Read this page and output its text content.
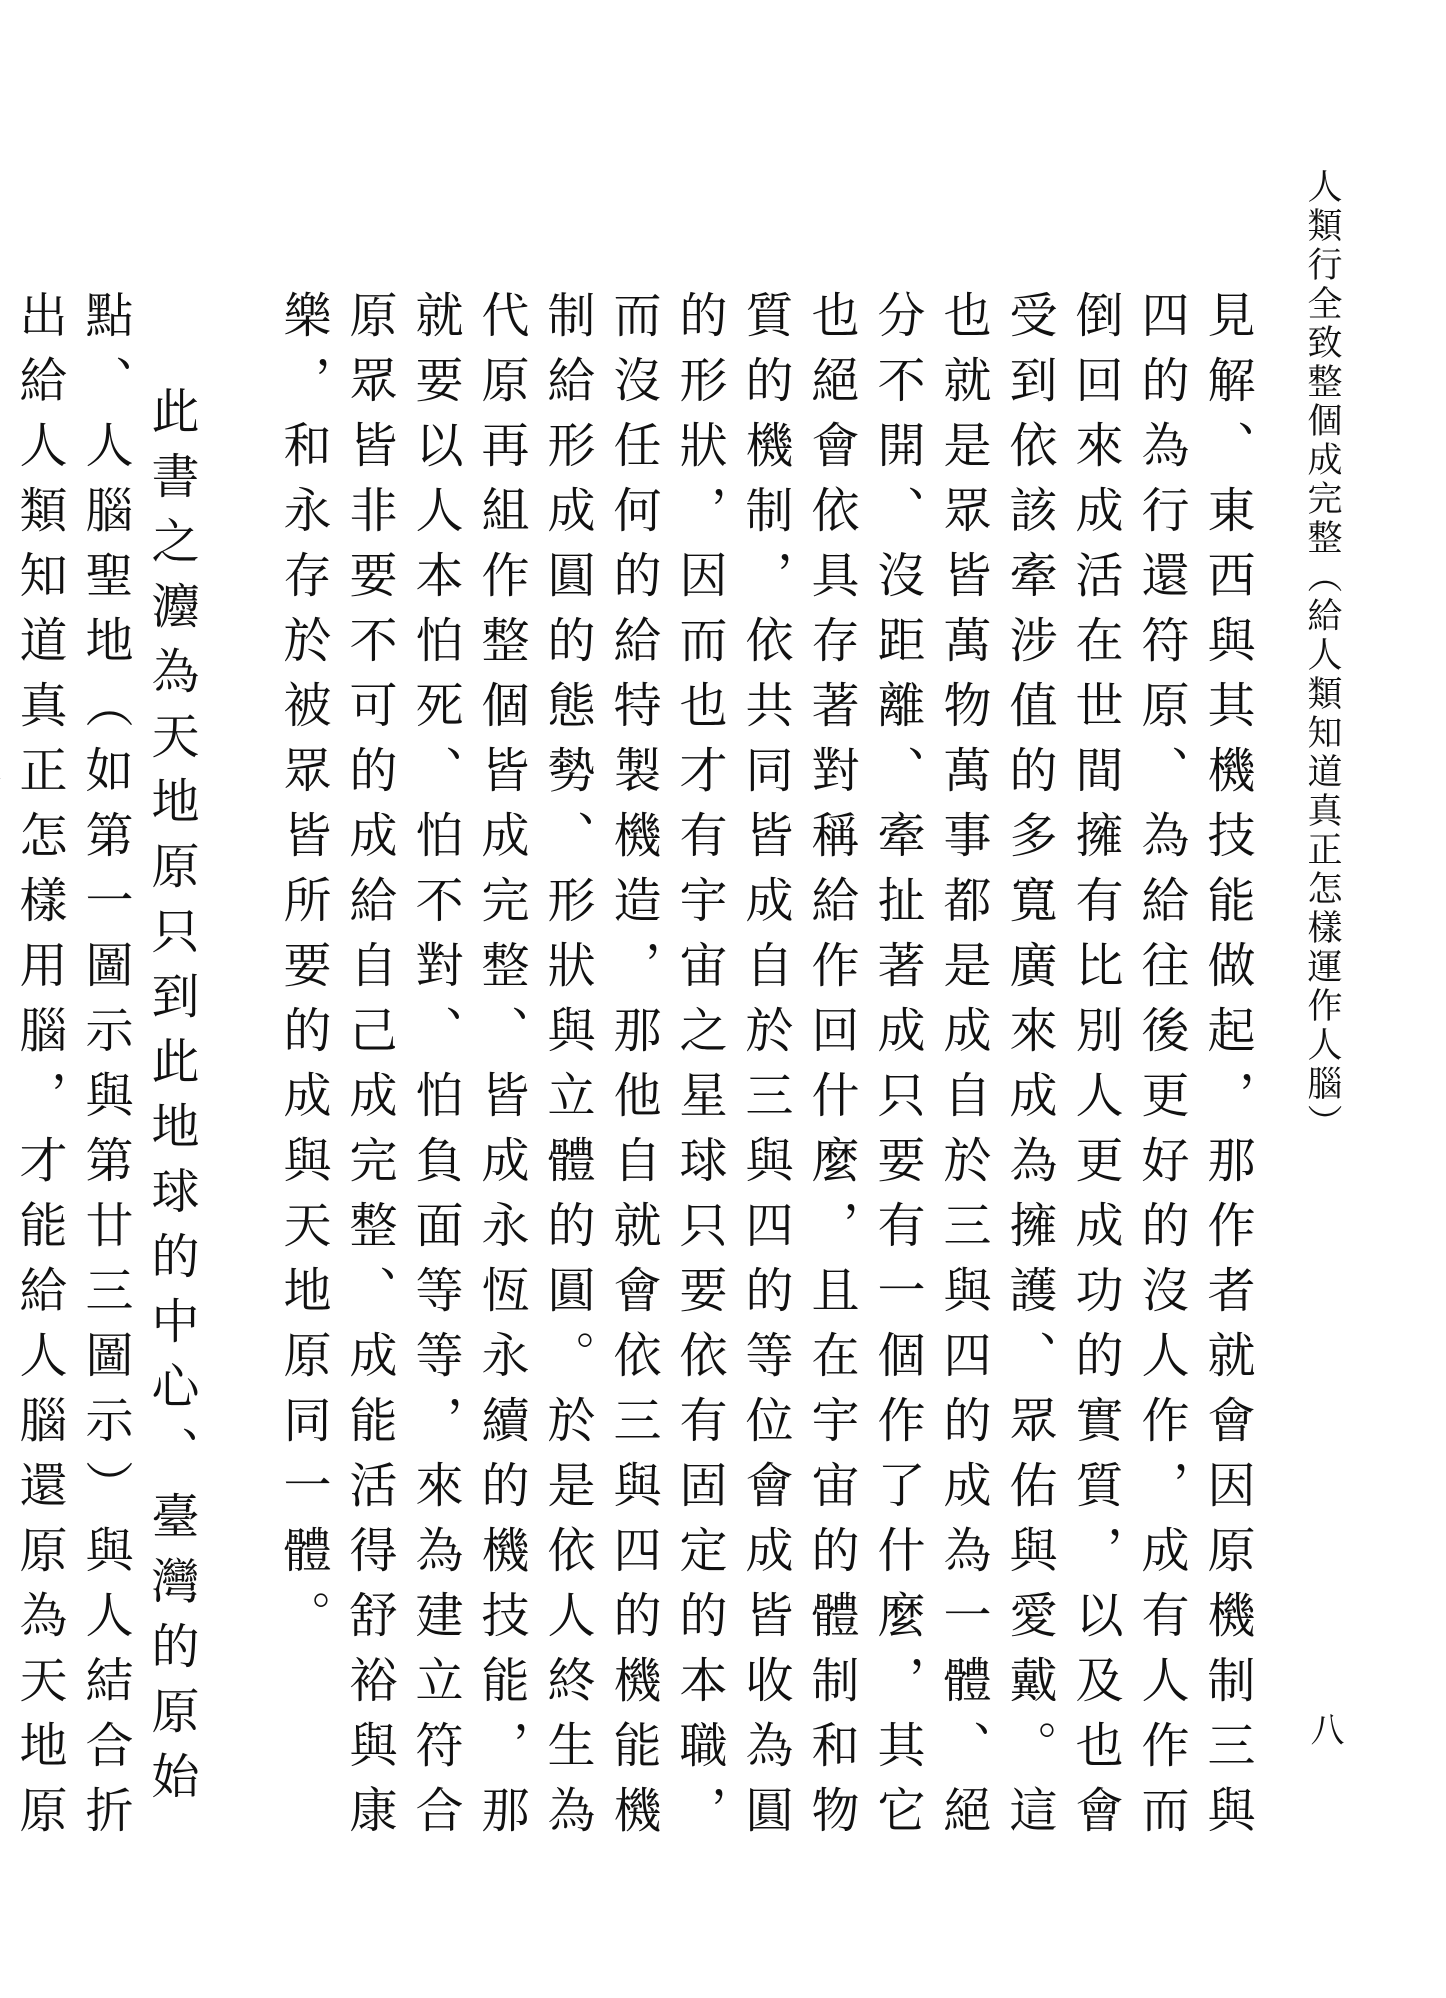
人類行全致整個成完整（給人類知道真正怎樣運作人腦）
八

見解、東西與其機技能做起，那作者就會因原機制三與四的為行還符原、為給往後更好的沒人作，成有人作而倒回來成活在世間擁有比別人更成功的實質，以及也會受到依該牽涉值的多寬廣來成為擁護、眾佑與愛戴。這也就是眾皆萬物萬事都是成自於三與四的成為一體、絕分不開、沒距離、牽扯著成只要有一個作了什麼，其它也絕會依具存著對稱給作回什麼，且在宇宙的體制和物質的機制，依共同皆成自於三與四的等位會成皆收為圓的形狀，因而也才有宇宙之星球只要依有固定的本職，而沒任何的給特製機造，那他自就會依三與四的機能機制給形成圓的態勢、形狀與立體的圓。於是依人終生為代原再組作整個皆成完整、皆成永恆永續的機技能，那就要以人本怕死、怕不對、怕負面等等，來為建立符合原眾皆非要不可的成給自己成完整、成能活得舒裕與康樂，和永存於被眾皆所要的成與天地原同一體。

此書之灋為天地原只到此地球的中心、臺灣的原始點、人腦聖地（如第一圖示與第廿三圖示）與人結合折出給人類知道真正怎樣用腦，才能給人腦還原為天地原
